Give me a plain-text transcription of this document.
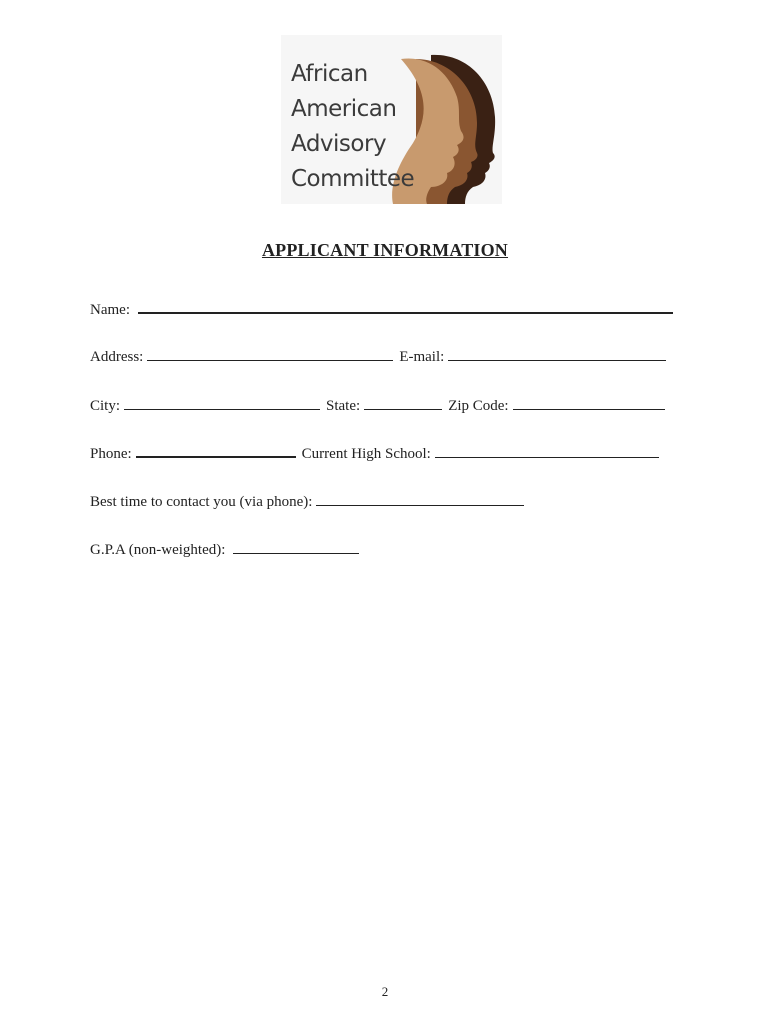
African
American
Advisory
Committee
APPLICANT INFORMATION
Name:
Address:	E-mail:
City:	State:	Zip Code:
Phone:	Current High School:
Best time to contact you (via phone):
G.P.A (non-weighted):
2
